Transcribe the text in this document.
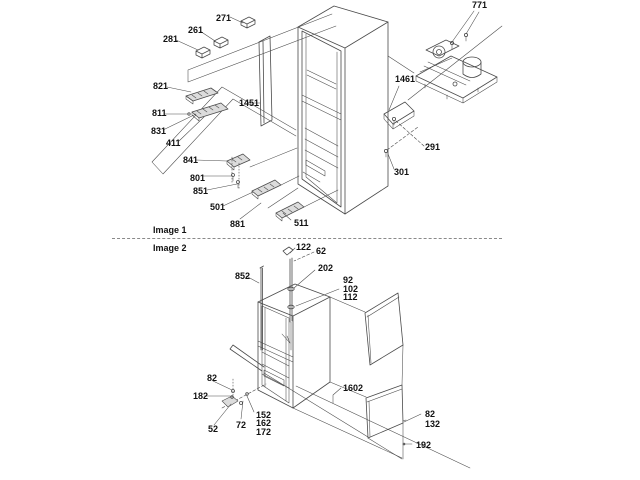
Image 1
Image 2
271
261
281
821
811
831
411
841
801
851
501
881	511
1451
771
1461
291
301
122 62
202
852	92
102
112
82
182
52 72
152
162
172
1602
82
132
192
